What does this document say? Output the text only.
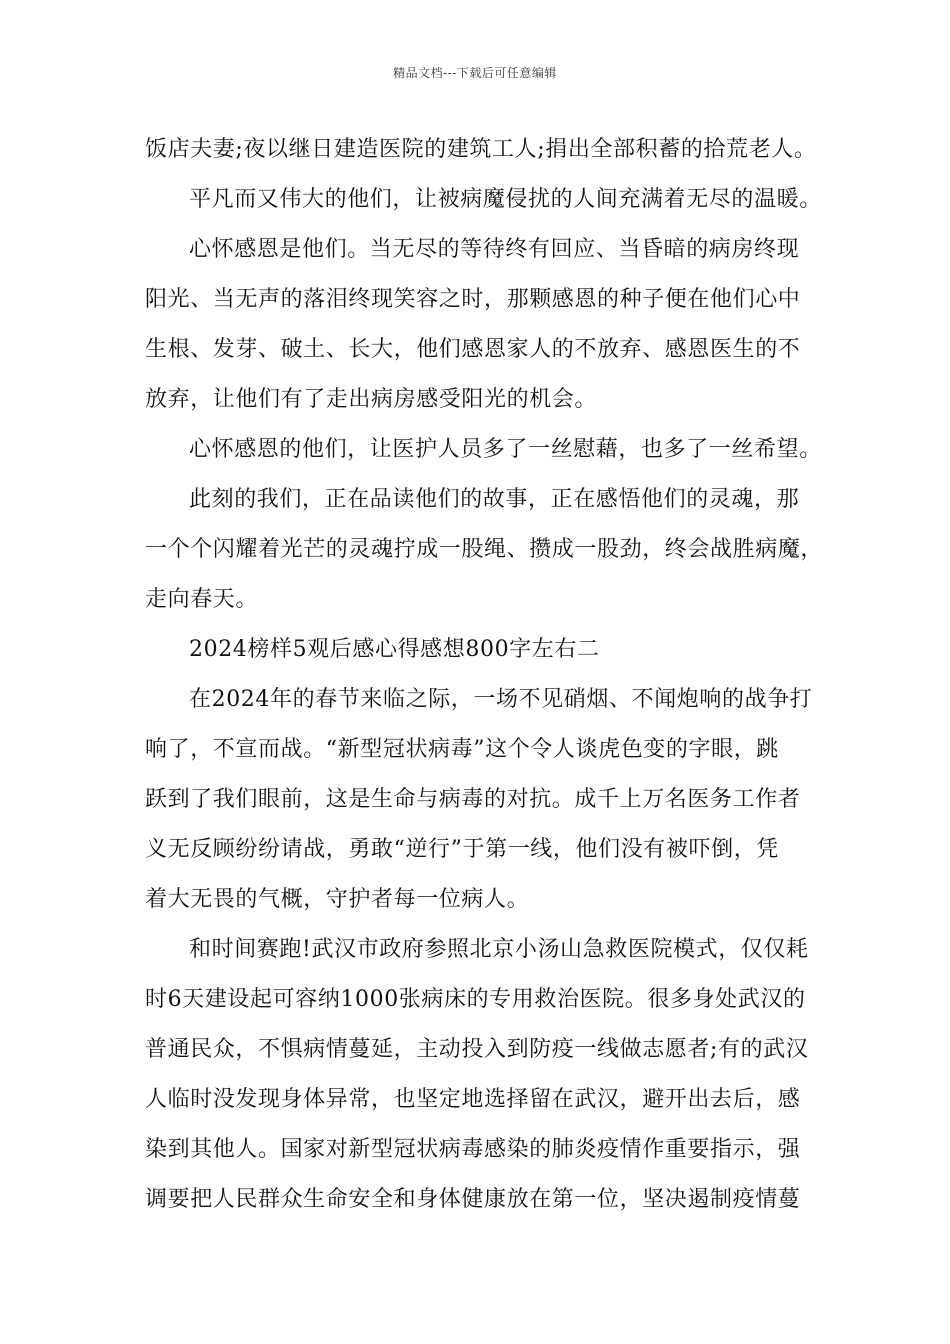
精品文档---下载后可任意编辑
饭店夫妻;夜以继日建造医院的建筑工人;捐出全部积蓄的拾荒老人。
平凡而又伟大的他们，让被病魔侵扰的人间充满着无尽的温暖。
心怀感恩是他们。当无尽的等待终有回应、当昏暗的病房终现
阳光、当无声的落泪终现笑容之时，那颗感恩的种子便在他们心中
生根、发芽、破土、长大，他们感恩家人的不放弃、感恩医生的不
放弃，让他们有了走出病房感受阳光的机会。
心怀感恩的他们，让医护人员多了一丝慰藉，也多了一丝希望。
此刻的我们，正在品读他们的故事，正在感悟他们的灵魂，那
一个个闪耀着光芒的灵魂拧成一股绳、攒成一股劲，终会战胜病魔，
走向春天。
2024榜样5观后感心得感想800字左右二
在2024年的春节来临之际，一场不见硝烟、不闻炮响的战争打
响了，不宣而战。“新型冠状病毒”这个令人谈虎色变的字眼，跳
跃到了我们眼前，这是生命与病毒的对抗。成千上万名医务工作者
义无反顾纷纷请战，勇敢“逆行”于第一线，他们没有被吓倒，凭
着大无畏的气概，守护者每一位病人。
和时间赛跑!武汉市政府参照北京小汤山急救医院模式，仅仅耗
时6天建设起可容纳1000张病床的专用救治医院。很多身处武汉的
普通民众，不惧病情蔓延，主动投入到防疫一线做志愿者;有的武汉
人临时没发现身体异常，也坚定地选择留在武汉，避开出去后，感
染到其他人。国家对新型冠状病毒感染的肺炎疫情作重要指示，强
调要把人民群众生命安全和身体健康放在第一位，坚决遏制疫情蔓
